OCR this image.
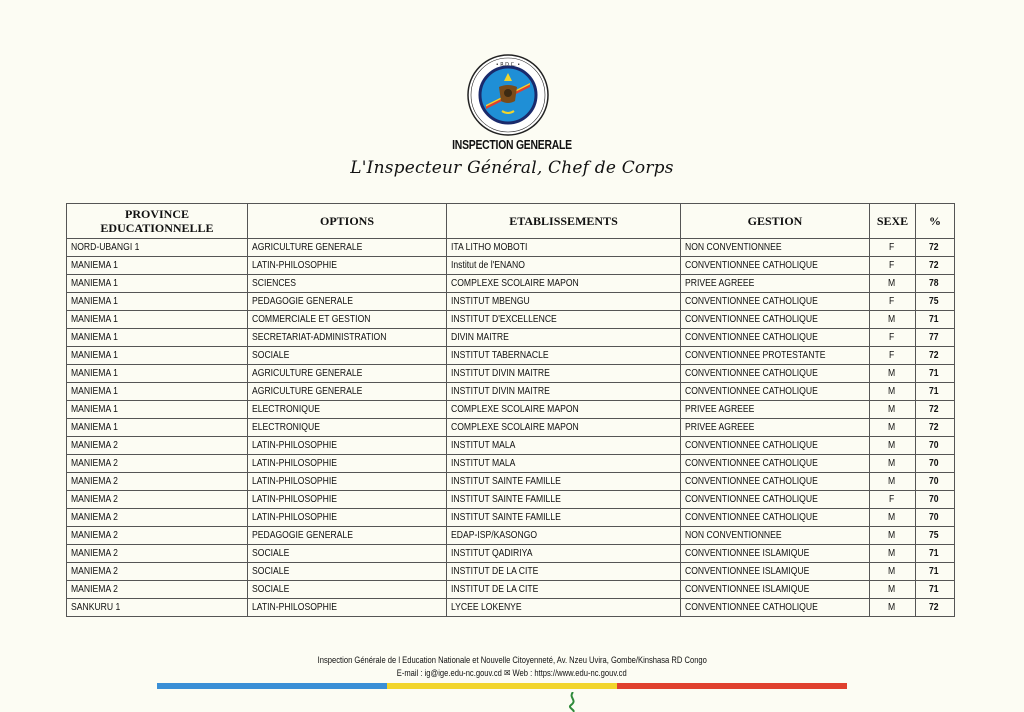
• R.D.C. •
INSPECTION GENERALE
L'Inspecteur Général, Chef de Corps
PROVINCE EDUCATIONNELLE	OPTIONS	ETABLISSEMENTS	GESTION	SEXE	%
NORD-UBANGI 1	AGRICULTURE GENERALE	ITA LITHO MOBOTI	NON CONVENTIONNEE	F	72
MANIEMA 1	LATIN-PHILOSOPHIE	Institut de l'ENANO	CONVENTIONNEE CATHOLIQUE	F	72
MANIEMA 1	SCIENCES	COMPLEXE SCOLAIRE MAPON	PRIVEE AGREEE	M	78
MANIEMA 1	PEDAGOGIE GENERALE	INSTITUT MBENGU	CONVENTIONNEE CATHOLIQUE	F	75
MANIEMA 1	COMMERCIALE ET GESTION	INSTITUT D'EXCELLENCE	CONVENTIONNEE CATHOLIQUE	M	71
MANIEMA 1	SECRETARIAT-ADMINISTRATION	DIVIN MAITRE	CONVENTIONNEE CATHOLIQUE	F	77
MANIEMA 1	SOCIALE	INSTITUT TABERNACLE	CONVENTIONNEE PROTESTANTE	F	72
MANIEMA 1	AGRICULTURE GENERALE	INSTITUT DIVIN MAITRE	CONVENTIONNEE CATHOLIQUE	M	71
MANIEMA 1	AGRICULTURE GENERALE	INSTITUT DIVIN MAITRE	CONVENTIONNEE CATHOLIQUE	M	71
MANIEMA 1	ELECTRONIQUE	COMPLEXE SCOLAIRE MAPON	PRIVEE AGREEE	M	72
MANIEMA 1	ELECTRONIQUE	COMPLEXE SCOLAIRE MAPON	PRIVEE AGREEE	M	72
MANIEMA 2	LATIN-PHILOSOPHIE	INSTITUT MALA	CONVENTIONNEE CATHOLIQUE	M	70
MANIEMA 2	LATIN-PHILOSOPHIE	INSTITUT MALA	CONVENTIONNEE CATHOLIQUE	M	70
MANIEMA 2	LATIN-PHILOSOPHIE	INSTITUT SAINTE FAMILLE	CONVENTIONNEE CATHOLIQUE	M	70
MANIEMA 2	LATIN-PHILOSOPHIE	INSTITUT SAINTE FAMILLE	CONVENTIONNEE CATHOLIQUE	F	70
MANIEMA 2	LATIN-PHILOSOPHIE	INSTITUT SAINTE FAMILLE	CONVENTIONNEE CATHOLIQUE	M	70
MANIEMA 2	PEDAGOGIE GENERALE	EDAP-ISP/KASONGO	NON CONVENTIONNEE	M	75
MANIEMA 2	SOCIALE	INSTITUT QADIRIYA	CONVENTIONNEE ISLAMIQUE	M	71
MANIEMA 2	SOCIALE	INSTITUT DE LA CITE	CONVENTIONNEE ISLAMIQUE	M	71
MANIEMA 2	SOCIALE	INSTITUT DE LA CITE	CONVENTIONNEE ISLAMIQUE	M	71
SANKURU 1	LATIN-PHILOSOPHIE	LYCEE LOKENYE	CONVENTIONNEE CATHOLIQUE	M	72
Inspection Générale de l Education Nationale et Nouvelle Citoyenneté, Av. Nzeu Uvira, Gombe/Kinshasa RD Congo
E-mail : ig@ige.edu-nc.gouv.cd ✉ Web : https://www.edu-nc.gouv.cd
